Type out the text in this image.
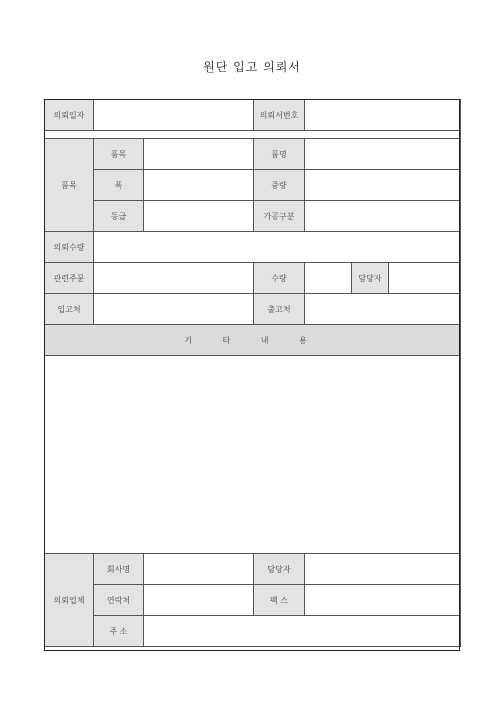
원단 입고 의뢰서
의뢰일자			의뢰서번호			

품목	품목		품명			
	폭		중량			
	등급		가공구분			
의뢰수량						
관련주문			수량		담당자	
입고처			출고처			
기 타 내 용						

의뢰업체	회사명		담당자			
	연락처		팩 스			
	주 소					
